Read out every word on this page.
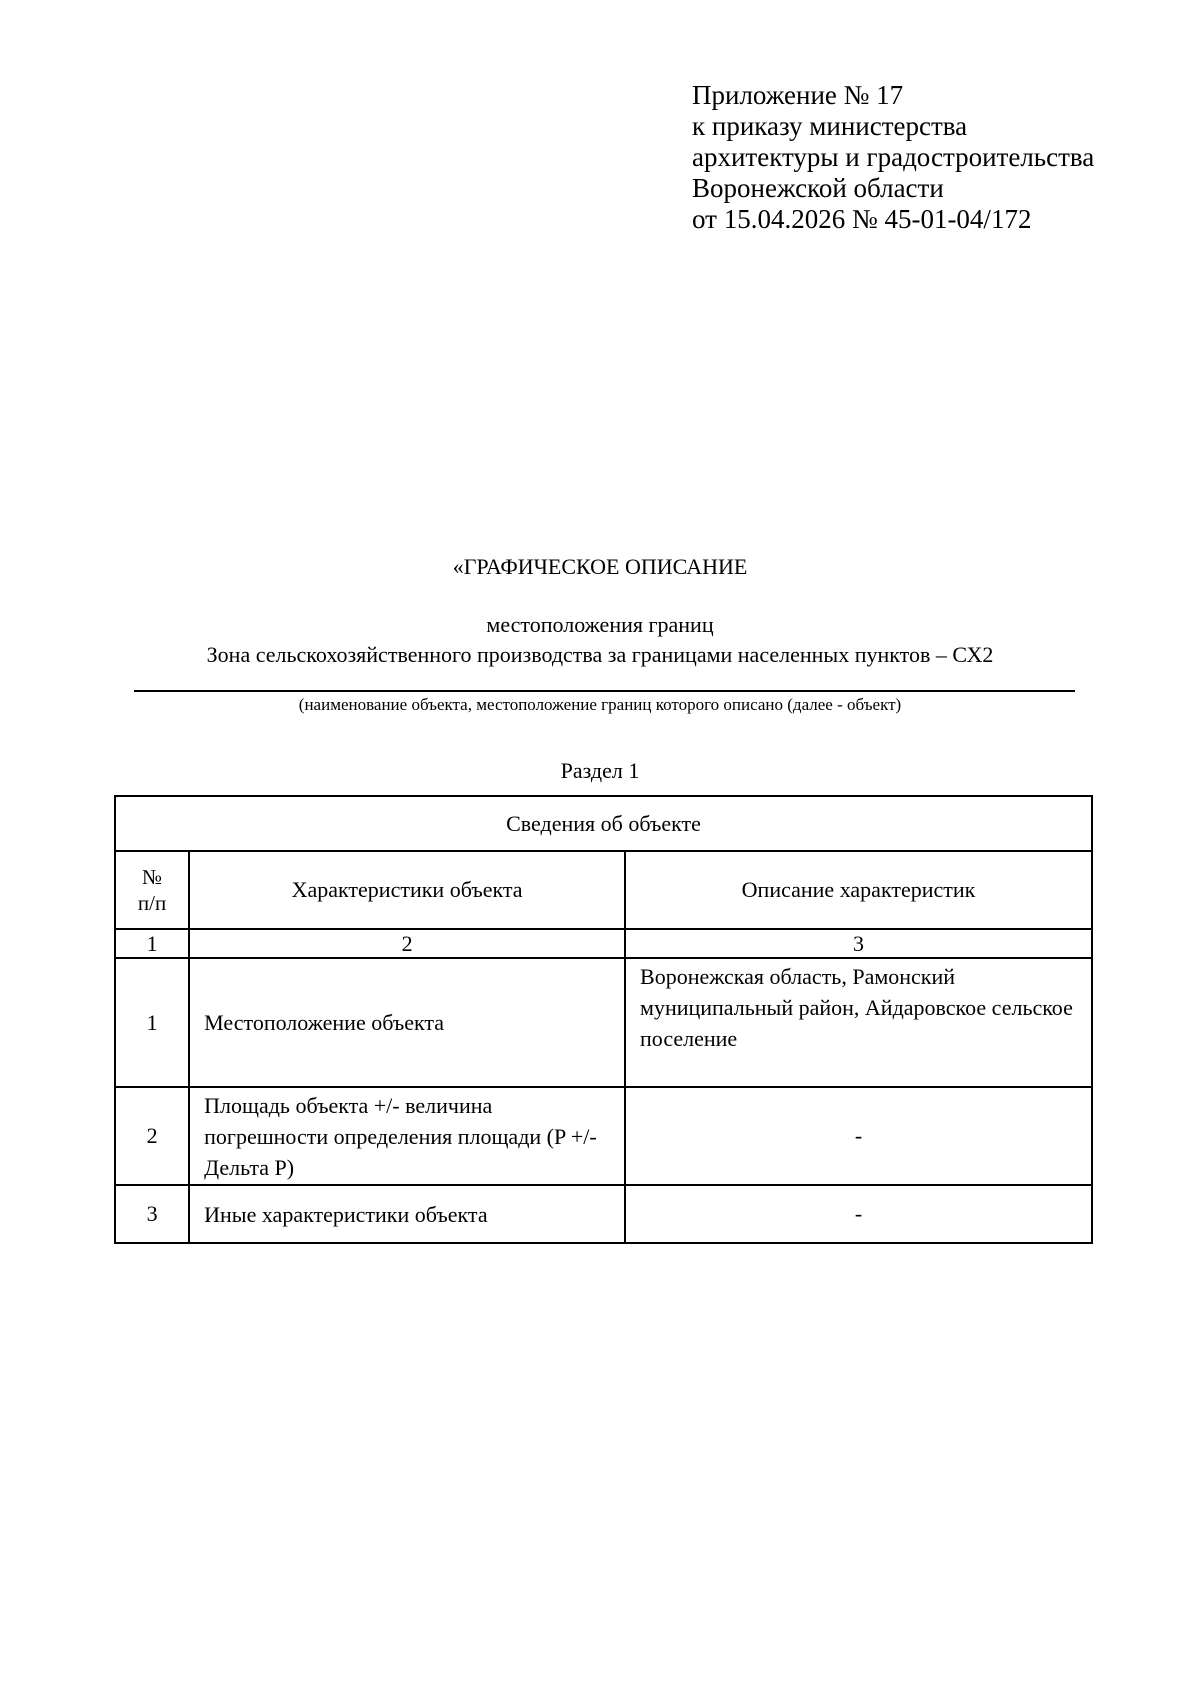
Приложение № 17
к приказу министерства
архитектуры и градостроительства
Воронежской области
от 15.04.2026 № 45-01-04/172
«ГРАФИЧЕСКОЕ ОПИСАНИЕ
местоположения границ
Зона сельскохозяйственного производства за границами населенных пунктов – СХ2
(наименование объекта, местоположение границ которого описано (далее - объект)
Раздел 1
Сведения об объекте		

№
п/п	Характеристики объекта	Описание характеристик
1	2	3
1	Местоположение объекта	Воронежская область, Рамонский муниципальный район, Айдаровское сельское поселение
2	Площадь объекта +/- величина погрешности определения площади (P +/- Дельта P)	-
3	Иные характеристики объекта	-
